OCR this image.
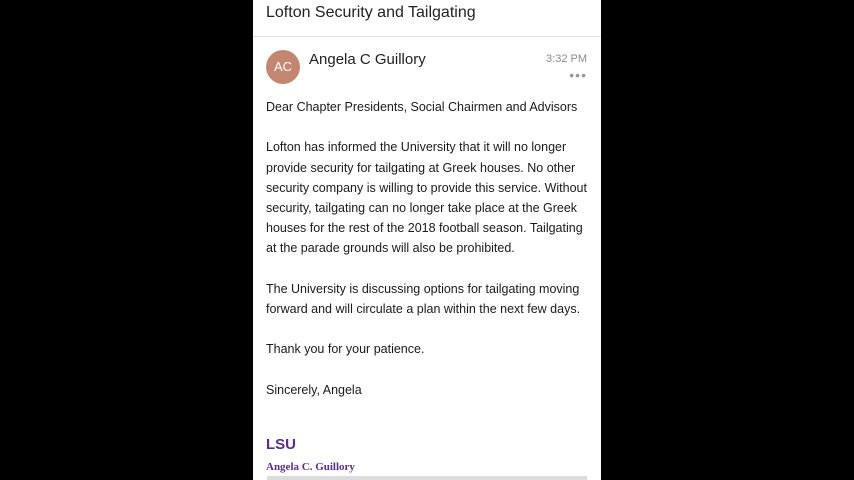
Lofton Security and Tailgating
AC	Angela C Guillory	3:32 PM
•••

Dear Chapter Presidents, Social Chairmen and Advisors

Lofton has informed the University that it will no longer provide security for tailgating at Greek houses. No other security company is willing to provide this service. Without security, tailgating can no longer take place at the Greek houses for the rest of the 2018 football season. Tailgating at the parade grounds will also be prohibited.

The University is discussing options for tailgating moving forward and will circulate a plan within the next few days.

Thank you for your patience.

Sincerely, Angela

LSU
Angela C. Guillory
